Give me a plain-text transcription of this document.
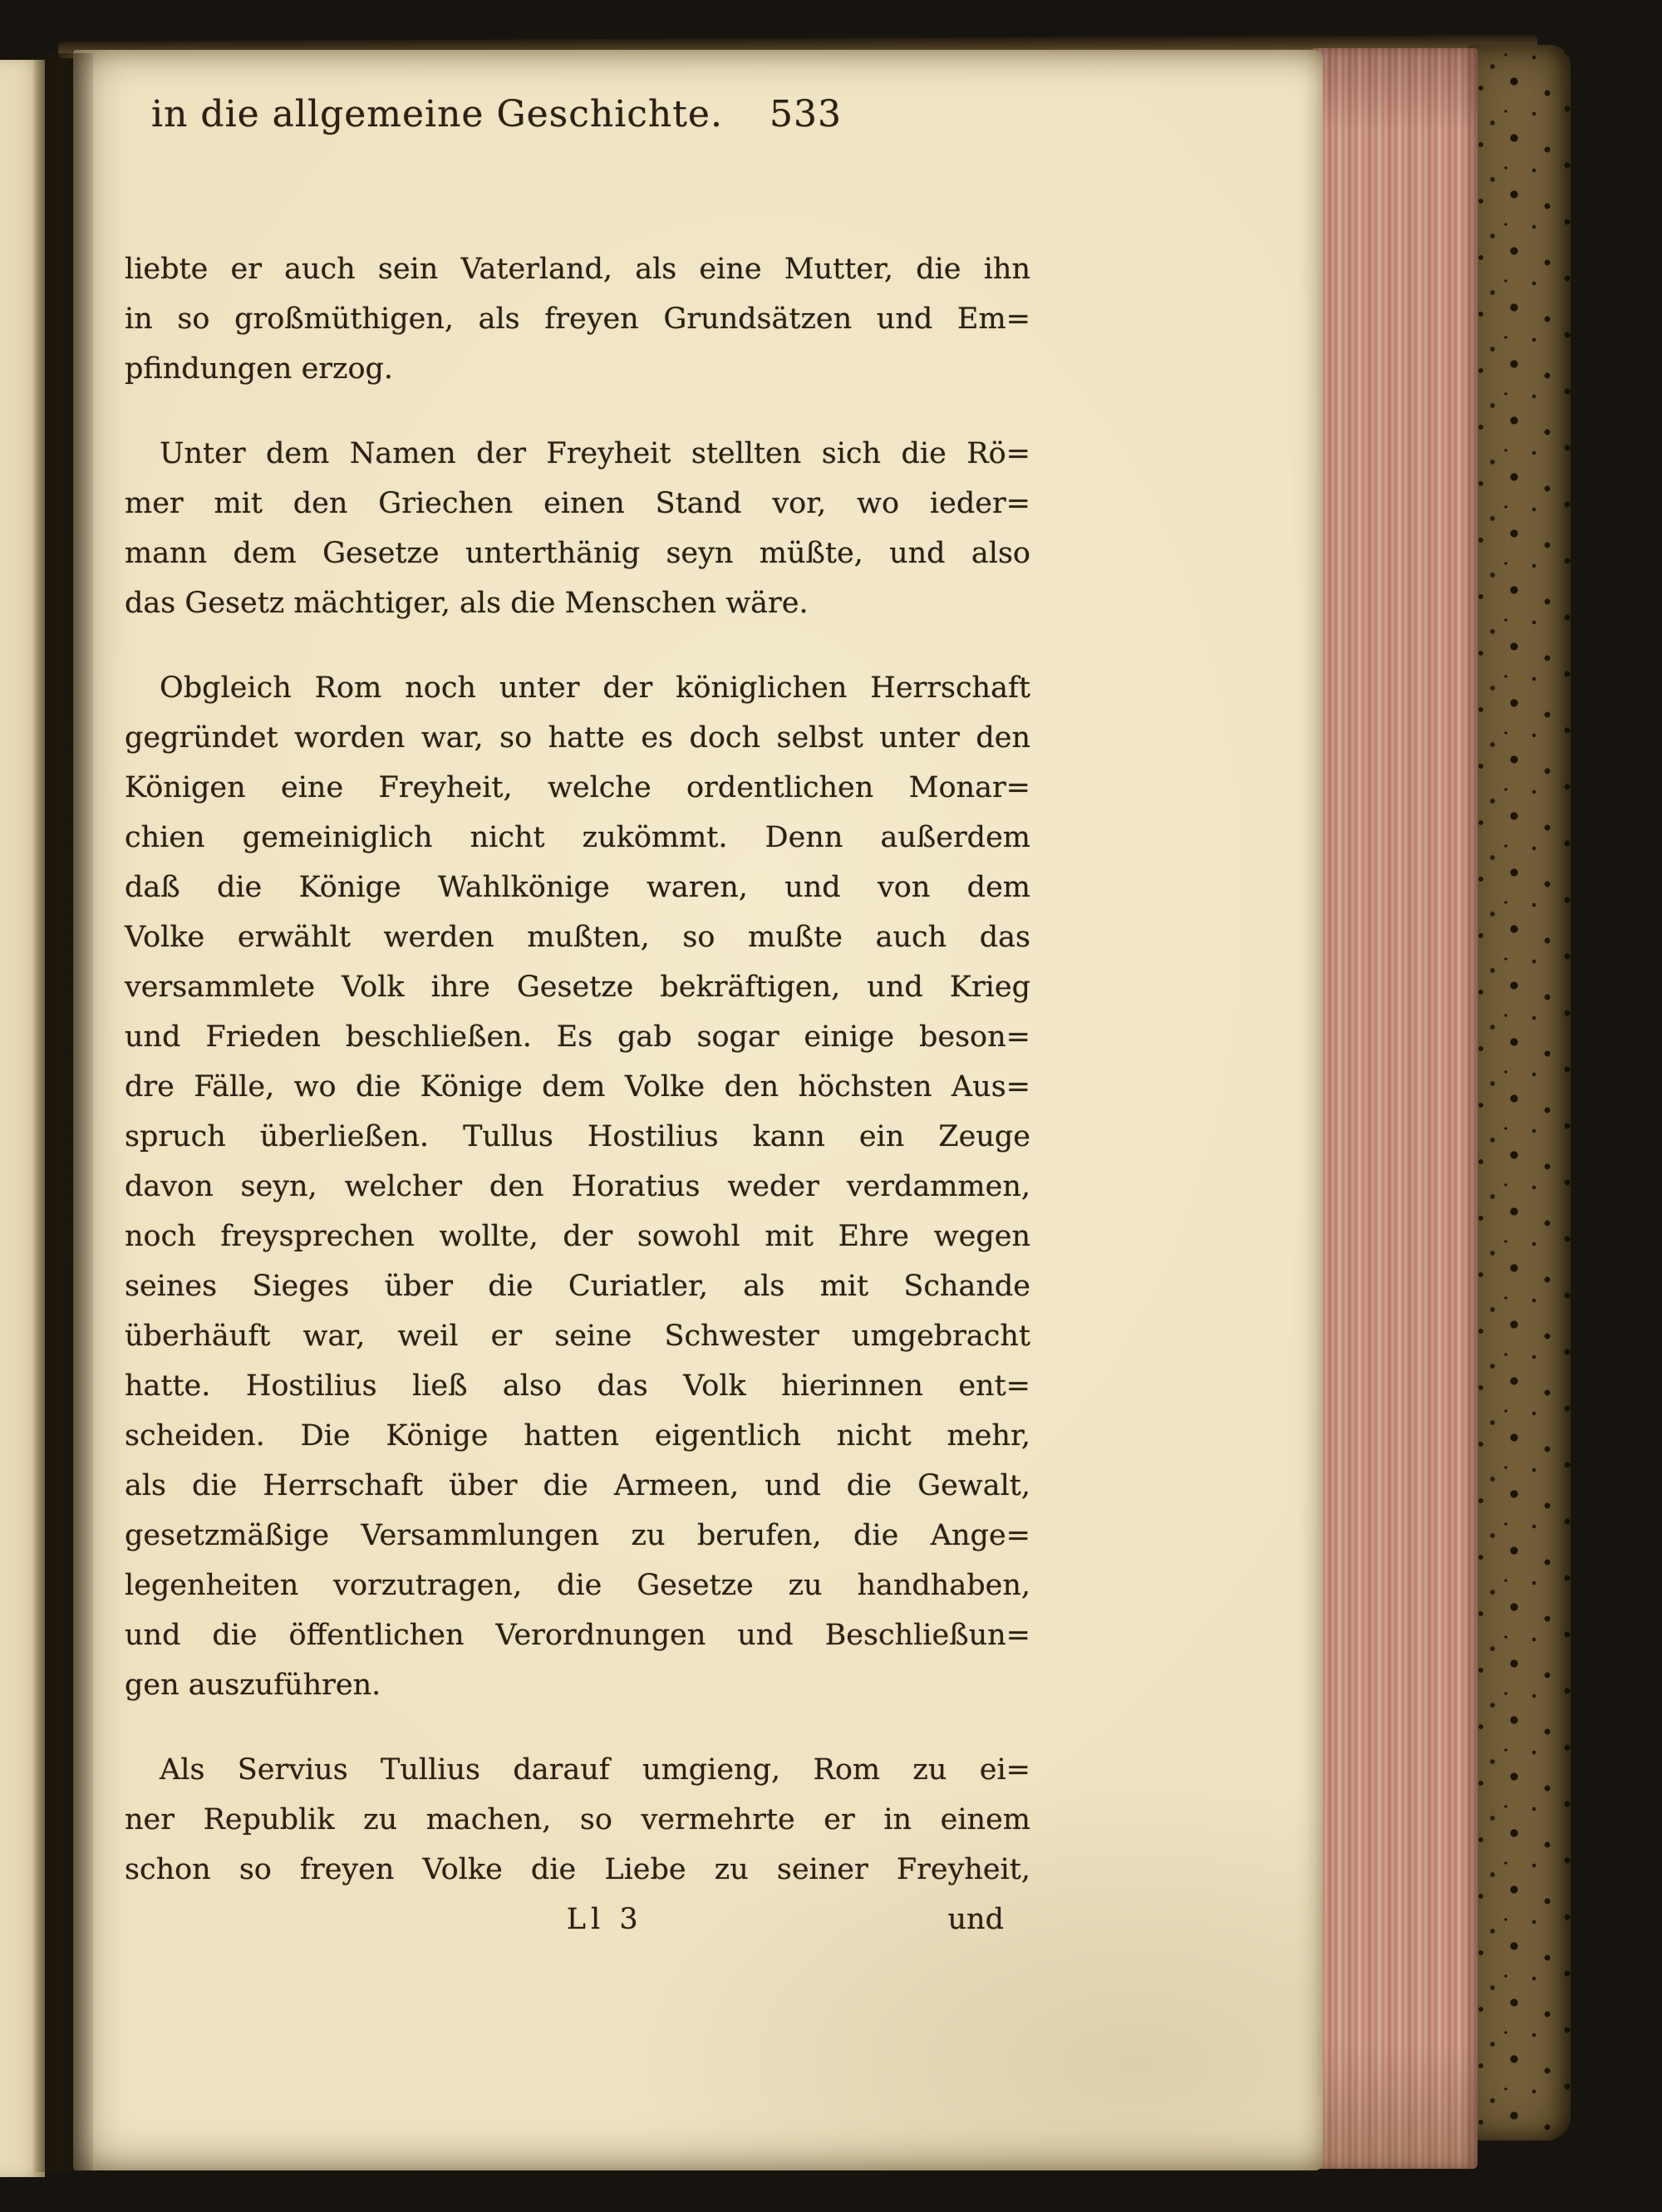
in die allgemeine Geschichte. 533
liebte er auch sein Vaterland, als eine Mutter, die ihn
in so großmüthigen, als freyen Grundsätzen und Em=
pfindungen erzog.
Unter dem Namen der Freyheit stellten sich die Rö=
mer mit den Griechen einen Stand vor, wo ieder=
mann dem Gesetze unterthänig seyn müßte, und also
das Gesetz mächtiger, als die Menschen wäre.
Obgleich Rom noch unter der königlichen Herrschaft
gegründet worden war, so hatte es doch selbst unter den
Königen eine Freyheit, welche ordentlichen Monar=
chien gemeiniglich nicht zukömmt. Denn außerdem
daß die Könige Wahlkönige waren, und von dem
Volke erwählt werden mußten, so mußte auch das
versammlete Volk ihre Gesetze bekräftigen, und Krieg
und Frieden beschließen. Es gab sogar einige beson=
dre Fälle, wo die Könige dem Volke den höchsten Aus=
spruch überließen. Tullus Hostilius kann ein Zeuge
davon seyn, welcher den Horatius weder verdammen,
noch freysprechen wollte, der sowohl mit Ehre wegen
seines Sieges über die Curiatler, als mit Schande
überhäuft war, weil er seine Schwester umgebracht
hatte. Hostilius ließ also das Volk hierinnen ent=
scheiden. Die Könige hatten eigentlich nicht mehr,
als die Herrschaft über die Armeen, und die Gewalt,
gesetzmäßige Versammlungen zu berufen, die Ange=
legenheiten vorzutragen, die Gesetze zu handhaben,
und die öffentlichen Verordnungen und Beschließun=
gen auszuführen.
Als Servius Tullius darauf umgieng, Rom zu ei=
ner Republik zu machen, so vermehrte er in einem
schon so freyen Volke die Liebe zu seiner Freyheit,
Ll 3	und
